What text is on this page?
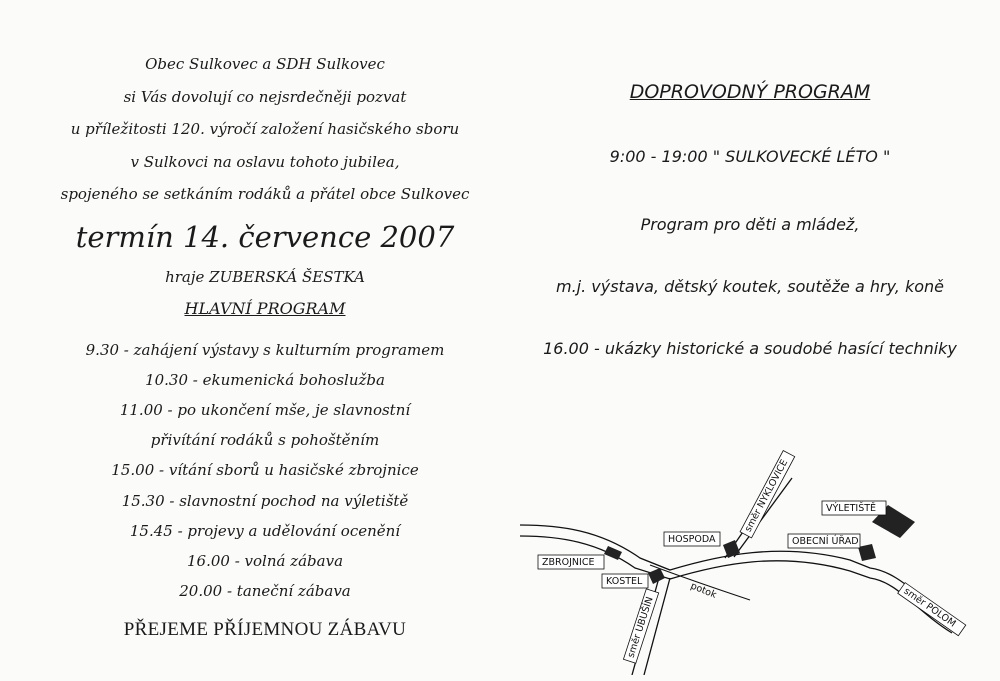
Obec Sulkovec a SDH Sulkovec
si Vás dovolují co nejsrdečněji pozvat
u příležitosti 120. výročí založení hasičského sboru
v Sulkovci na oslavu tohoto jubilea,
spojeného se setkáním rodáků a přátel obce Sulkovec
termín 14. července 2007
hraje ZUBERSKÁ ŠESTKA
HLAVNÍ PROGRAM
9.30 - zahájení výstavy s kulturním programem
10.30 - ekumenická bohoslužba
11.00 - po ukončení mše, je slavnostní
přivítání rodáků s pohoštěním
15.00 - vítání sborů u hasičské zbrojnice
15.30 - slavnostní pochod na výletiště
15.45 - projevy a udělování ocenění
16.00 - volná zábava
20.00 - taneční zábava
PŘEJEME PŘÍJEMNOU ZÁBAVU
DOPROVODNÝ PROGRAM
9:00 - 19:00 " SULKOVECKÉ LÉTO "
Program pro děti a mládež,
m.j. výstava, dětský koutek, soutěže a hry, koně
16.00 - ukázky historické a soudobé hasící techniky
VÝLETIŠTĚ
HOSPODA	OBECNÍ ÚŘAD
ZBROJNICE
KOSTEL
směr NYKLOVICE
směr UBUŠÍN	směr POLOM
potok
